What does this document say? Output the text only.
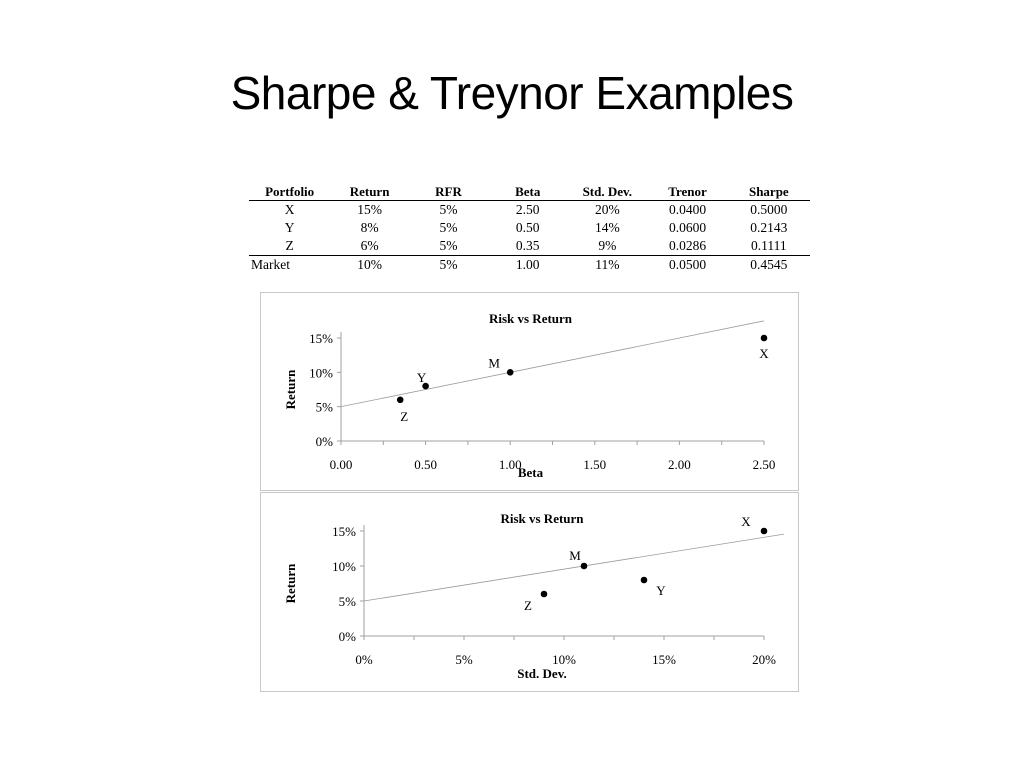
Sharpe & Treynor Examples
Portfolio	Return	RFR	Beta	Std. Dev.	Trenor	Sharpe
X	15%	5%	2.50	20%	0.0400	0.5000
Y	8%	5%	0.50	14%	0.0600	0.2143
Z	6%	5%	0.35	9%	0.0286	0.1111
Market	10%	5%	1.00	11%	0.0500	0.4545
Risk vs Return
0%
5%
10%
15%
0.00	0.50	1.00	1.50	2.00	2.50
Beta
Return
X
Y
Z
M
Risk vs Return
0%
5%
10%
15%
0%	5%	10%	15%	20%
Std. Dev.
Return
X
Y
Z
M
